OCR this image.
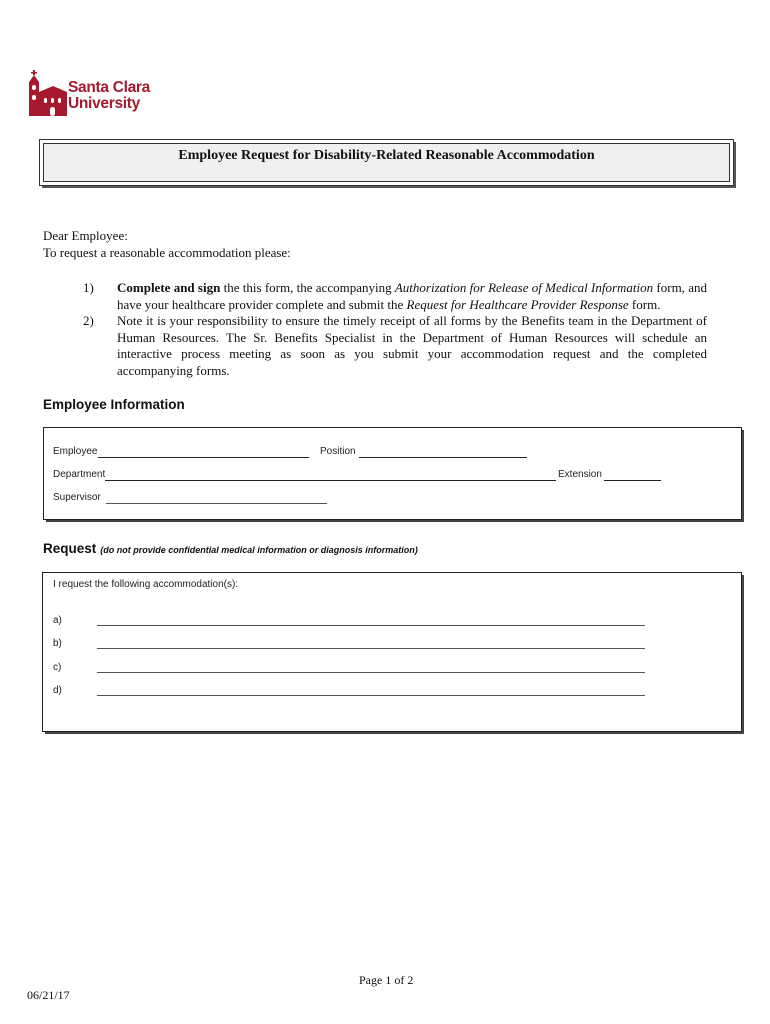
Santa Clara
University
Employee Request for Disability-Related Reasonable Accommodation
Dear Employee:
To request a reasonable accommodation please:
1) Complete and sign the this form, the accompanying Authorization for Release of Medical Information form, and have your healthcare provider complete and submit the Request for Healthcare Provider Response form.
2) Note it is your responsibility to ensure the timely receipt of all forms by the Benefits team in the Department of Human Resources. The Sr. Benefits Specialist in the Department of Human Resources will schedule an interactive process meeting as soon as you submit your accommodation request and the completed accompanying forms.
Employee Information
Employee	Position
Department	Extension
Supervisor
Request (do not provide confidential medical information or diagnosis information)
I request the following accommodation(s):
a)
b)
c)
d)
Page 1 of 2
06/21/17
